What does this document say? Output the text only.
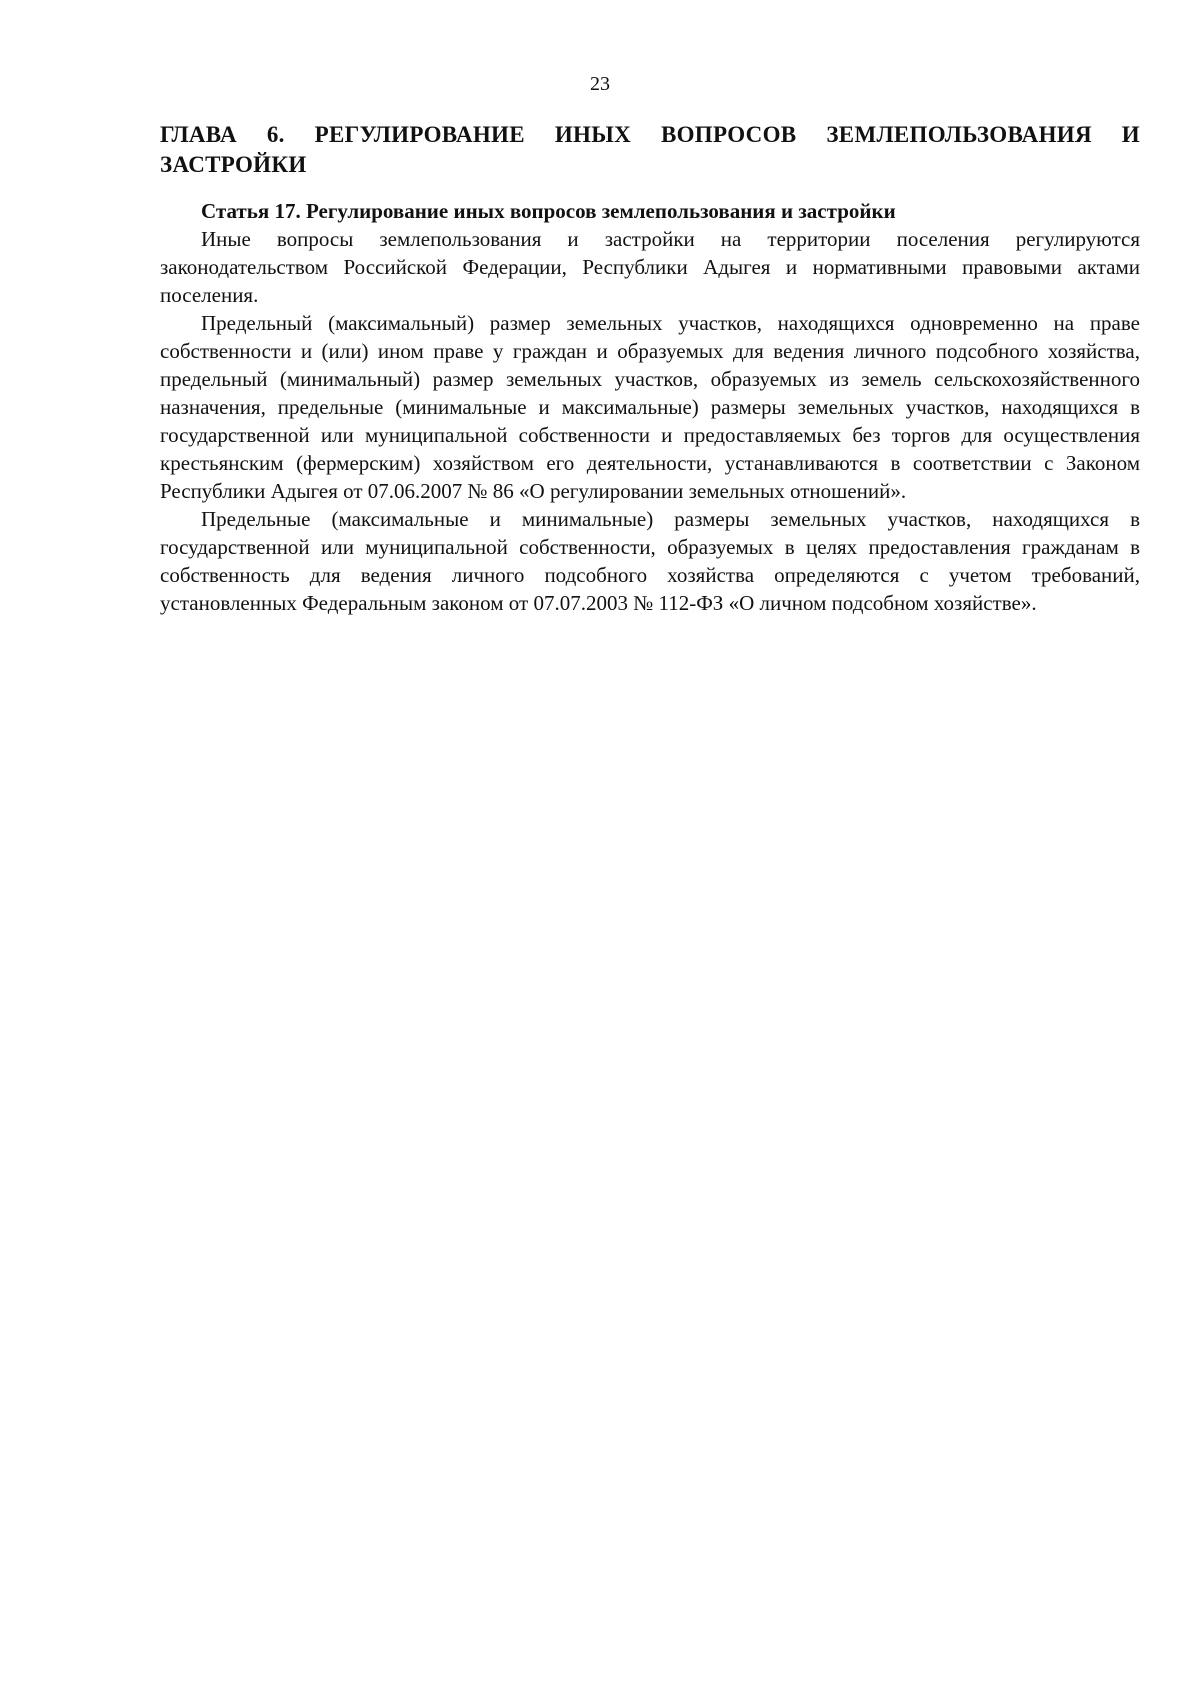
23

ГЛАВА 6. РЕГУЛИРОВАНИЕ ИНЫХ ВОПРОСОВ ЗЕМЛЕПОЛЬЗОВАНИЯ И ЗАСТРОЙКИ
Статья 17. Регулирование иных вопросов землепользования и застройки

Иные вопросы землепользования и застройки на территории поселения регулируются законодательством Российской Федерации, Республики Адыгея и нормативными правовыми актами поселения.

Предельный (максимальный) размер земельных участков, находящихся одновременно на праве собственности и (или) ином праве у граждан и образуемых для ведения личного подсобного хозяйства, предельный (минимальный) размер земельных участков, образуемых из земель сельскохозяйственного назначения, предельные (минимальные и максимальные) размеры земельных участков, находящихся в государственной или муниципальной собственности и предоставляемых без торгов для осуществления крестьянским (фермерским) хозяйством его деятельности, устанавливаются в соответствии с Законом Республики Адыгея от 07.06.2007 № 86 «О регулировании земельных отношений».

Предельные (максимальные и минимальные) размеры земельных участков, находящихся в государственной или муниципальной собственности, образуемых в целях предоставления гражданам в собственность для ведения личного подсобного хозяйства определяются с учетом требований, установленных Федеральным законом от 07.07.2003 № 112-ФЗ «О личном подсобном хозяйстве».
